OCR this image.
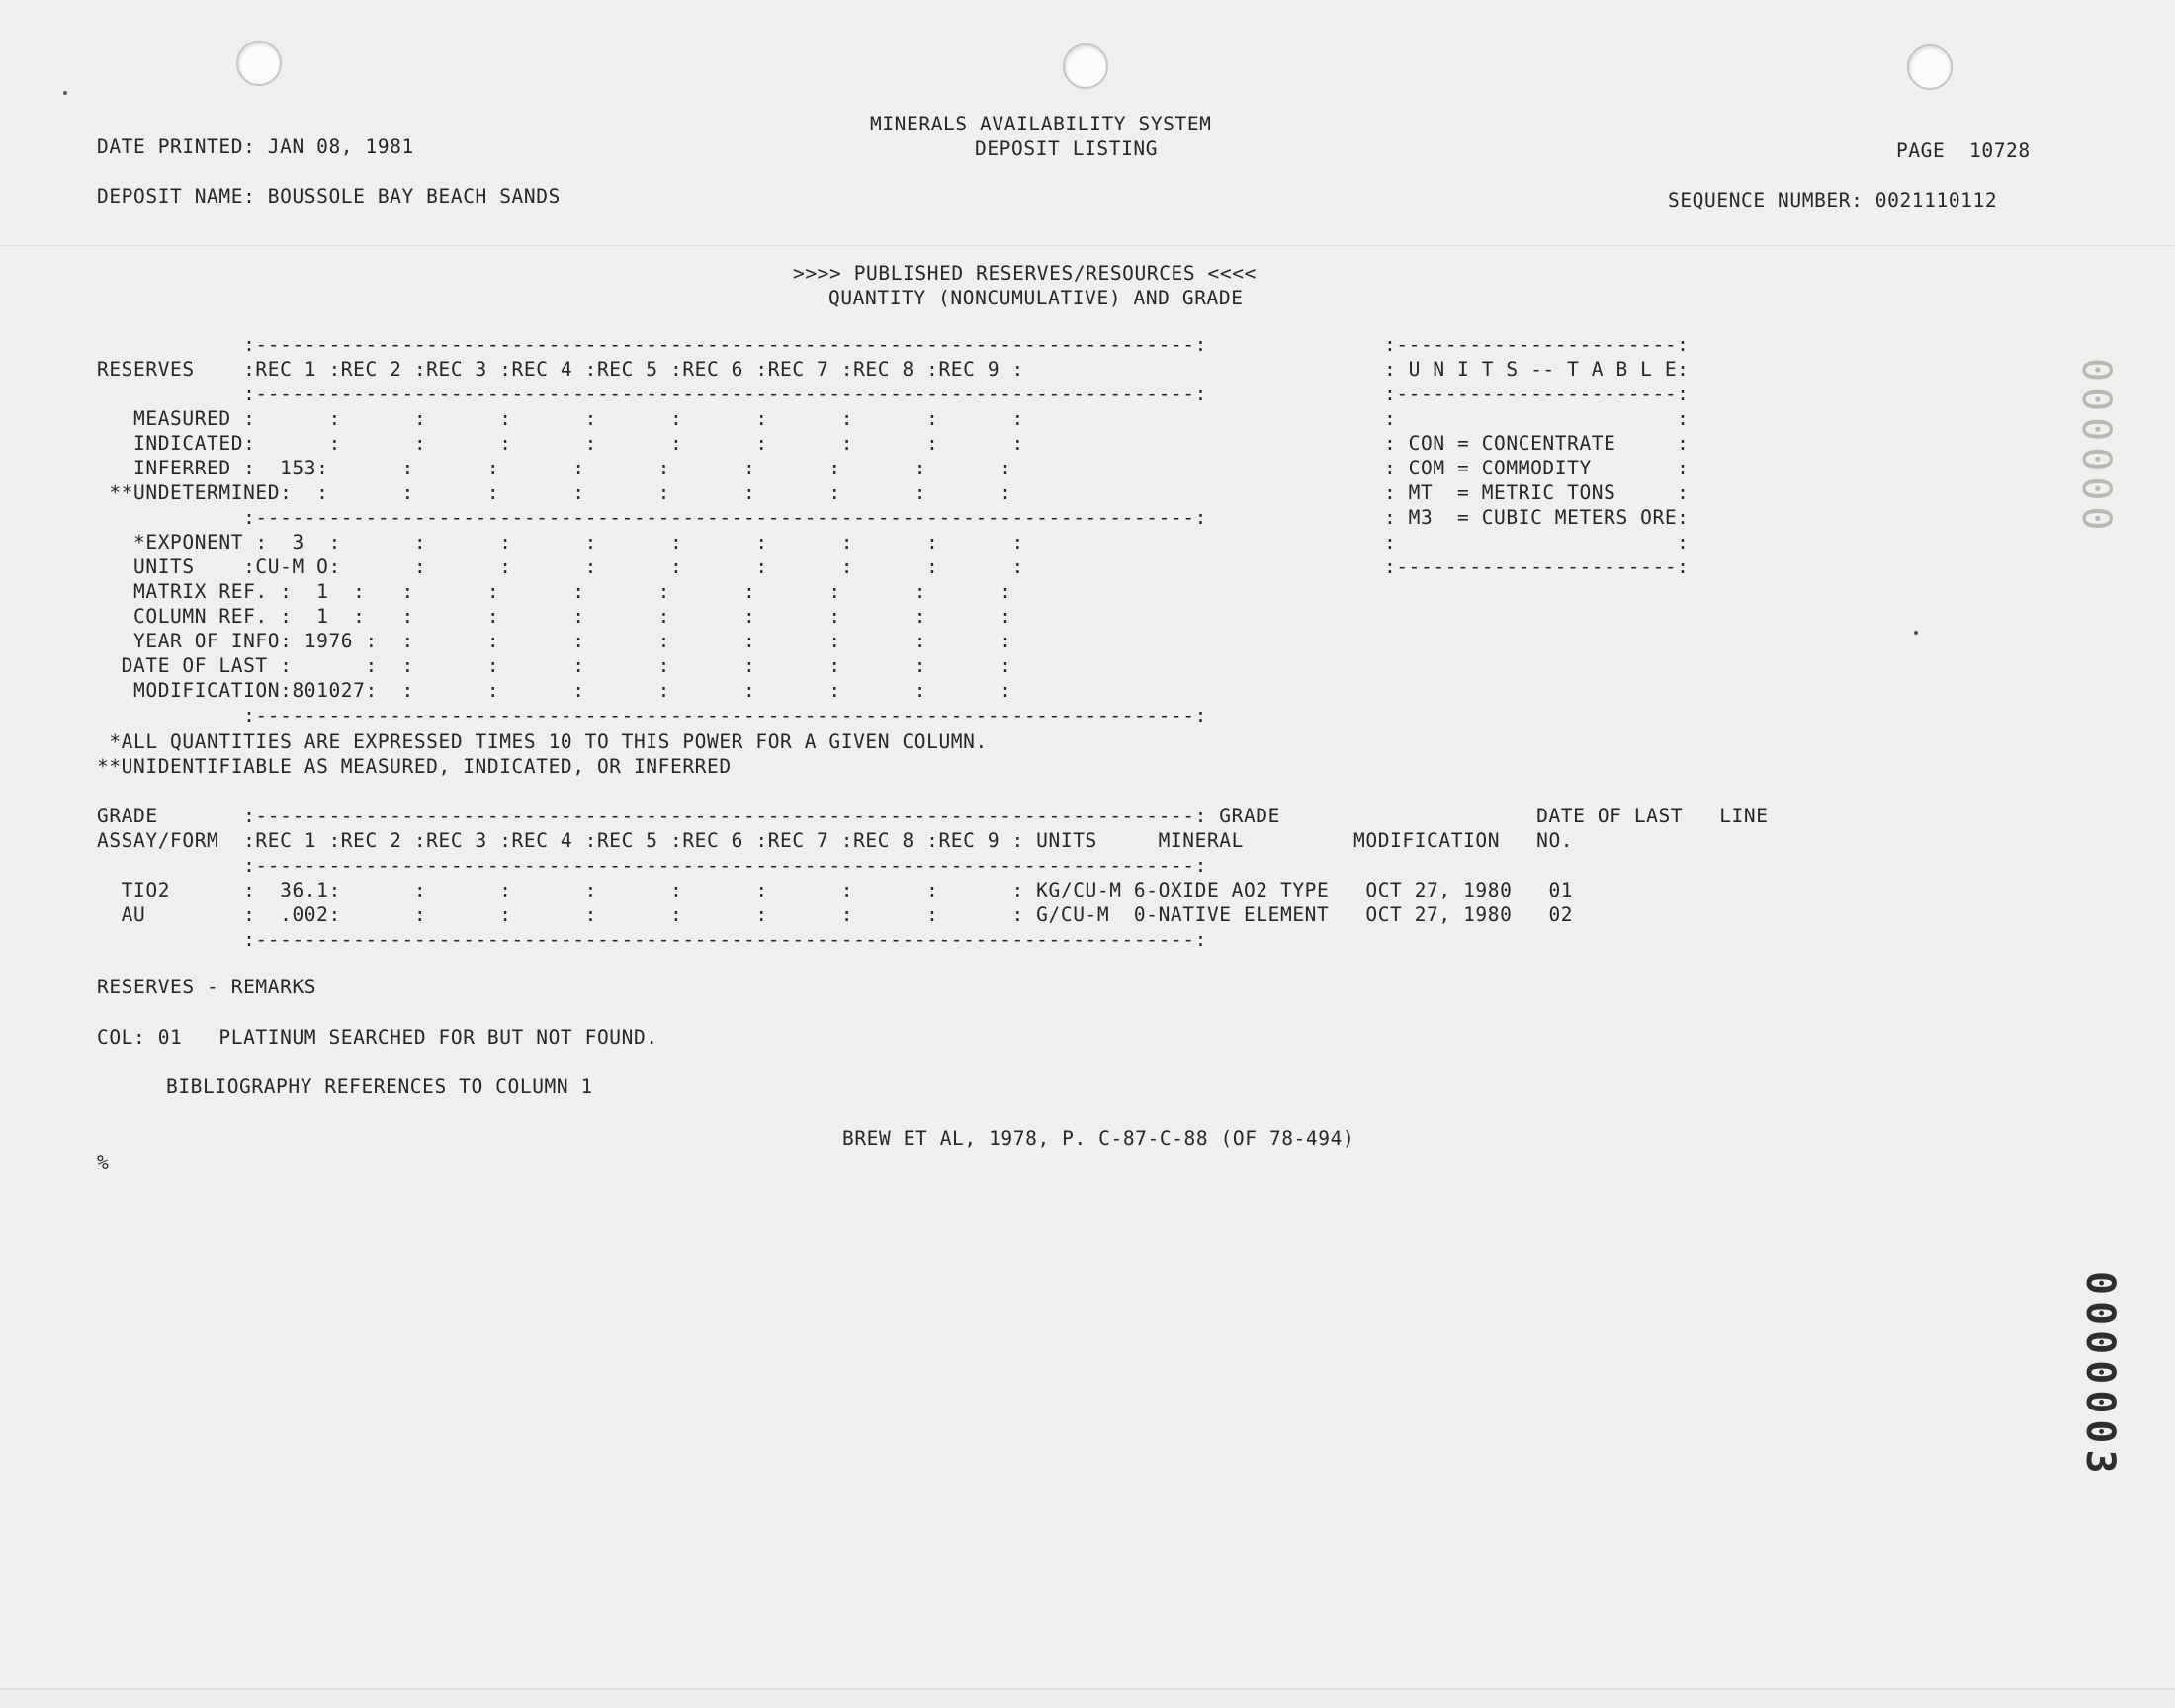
MINERALS AVAILABILITY SYSTEM
DEPOSIT LISTING
DATE PRINTED: JAN 08, 1981	PAGE  10728
DEPOSIT NAME: BOUSSOLE BAY BEACH SANDS	SEQUENCE NUMBER: 0021110112
>>>> PUBLISHED RESERVES/RESOURCES <<<<
QUANTITY (NONCUMULATIVE) AND GRADE
:-----------------------------------------------------------------------------:
RESERVES    :REC 1 :REC 2 :REC 3 :REC 4 :REC 5 :REC 6 :REC 7 :REC 8 :REC 9 :
:-----------------------------------------------------------------------------:
MEASURED :      :      :      :      :      :      :      :      :      :
INDICATED:      :      :      :      :      :      :      :      :      :
INFERRED :  153:      :      :      :      :      :      :      :      :
**UNDETERMINED:  :      :      :      :      :      :      :      :      :
:-----------------------------------------------------------------------------:
*EXPONENT :  3  :      :      :      :      :      :      :      :      :
UNITS    :CU-M O:      :      :      :      :      :      :      :      :
MATRIX REF. :  1  :   :      :      :      :      :      :      :      :
COLUMN REF. :  1  :   :      :      :      :      :      :      :      :
YEAR OF INFO: 1976 :  :      :      :      :      :      :      :      :
DATE OF LAST :      :  :      :      :      :      :      :      :      :
MODIFICATION:801027:  :      :      :      :      :      :      :      :
:-----------------------------------------------------------------------------:
:-----------------------:
: U N I T S -- T A B L E:
:-----------------------:
:                       :
: CON = CONCENTRATE     :
: COM = COMMODITY       :
: MT  = METRIC TONS     :
: M3  = CUBIC METERS ORE:
:                       :
:-----------------------:
*ALL QUANTITIES ARE EXPRESSED TIMES 10 TO THIS POWER FOR A GIVEN COLUMN.
**UNIDENTIFIABLE AS MEASURED, INDICATED, OR INFERRED
GRADE       :-----------------------------------------------------------------------------: GRADE                     DATE OF LAST   LINE
ASSAY/FORM  :REC 1 :REC 2 :REC 3 :REC 4 :REC 5 :REC 6 :REC 7 :REC 8 :REC 9 : UNITS     MINERAL         MODIFICATION   NO.
:-----------------------------------------------------------------------------:
TIO2      :  36.1:      :      :      :      :      :      :      :      : KG/CU-M 6-OXIDE AO2 TYPE   OCT 27, 1980   01
AU        :  .002:      :      :      :      :      :      :      :      : G/CU-M  0-NATIVE ELEMENT   OCT 27, 1980   02
:-----------------------------------------------------------------------------:
RESERVES - REMARKS
COL: 01   PLATINUM SEARCHED FOR BUT NOT FOUND.
BIBLIOGRAPHY REFERENCES TO COLUMN 1
BREW ET AL, 1978, P. C-87-C-88 (OF 78-494)
%
000000
0000003
